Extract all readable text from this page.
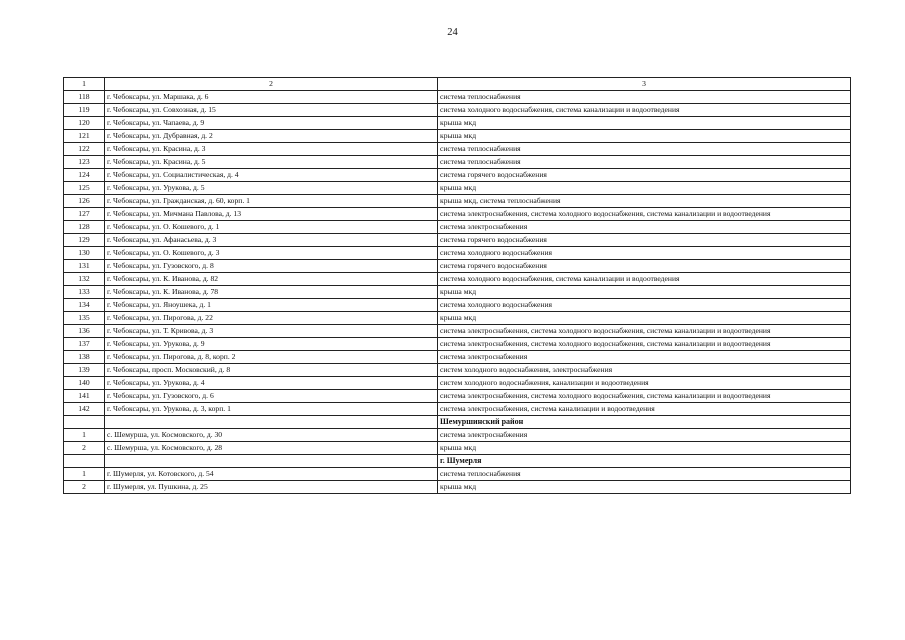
24
1	2	3
118	г. Чебоксары, ул. Маршака, д. 6	система теплоснабжения
119	г. Чебоксары, ул. Совхозная, д. 15	система холодного водоснабжения, система канализации и водоотведения
120	г. Чебоксары, ул. Чапаева, д. 9	крыша мкд
121	г. Чебоксары, ул. Дубравная, д. 2	крыша мкд
122	г. Чебоксары, ул. Красина, д. 3	система теплоснабжения
123	г. Чебоксары, ул. Красина, д. 5	система теплоснабжения
124	г. Чебоксары, ул. Социалистическая, д. 4	система горячего водоснабжения
125	г. Чебоксары, ул. Урукова, д. 5	крыша мкд
126	г. Чебоксары, ул. Гражданская, д. 60, корп. 1	крыша мкд, система теплоснабжения
127	г. Чебоксары, ул. Мичмана Павлова, д. 13	система электроснабжения, система холодного водоснабжения, система канализации и водоотведения
128	г. Чебоксары, ул. О. Кошевого, д. 1	система электроснабжения
129	г. Чебоксары, ул. Афанасьева, д. 3	система горячего водоснабжения
130	г. Чебоксары, ул. О. Кошевого, д. 3	система холодного водоснабжения
131	г. Чебоксары, ул. Гузовского, д. 8	система горячего водоснабжения
132	г. Чебоксары, ул. К. Иванова, д. 82	система холодного водоснабжения, система канализации и водоотведения
133	г. Чебоксары, ул. К. Иванова, д. 78	крыша мкд
134	г. Чебоксары, ул. Яноушека, д. 1	система холодного водоснабжения
135	г. Чебоксары, ул. Пирогова, д. 22	крыша мкд
136	г. Чебоксары, ул. Т. Кривова, д. 3	система электроснабжения, система холодного водоснабжения, система канализации и водоотведения
137	г. Чебоксары, ул. Урукова, д. 9	система электроснабжения, система холодного водоснабжения, система канализации и водоотведения
138	г. Чебоксары, ул. Пирогова, д. 8, корп. 2	система электроснабжения
139	г. Чебоксары, просп. Московский, д. 8	систем холодного водоснабжения, электроснабжения
140	г. Чебоксары, ул. Урукова, д. 4	систем холодного водоснабжения, канализации и водоотведения
141	г. Чебоксары, ул. Гузовского, д. 6	система электроснабжения, система холодного водоснабжения, система канализации и водоотведения
142	г. Чебоксары, ул. Урукова, д. 3, корп. 1	система электроснабжения, система канализации и водоотведения
		Шемуршинский район
1	с. Шемурша, ул. Космовского, д. 30	система электроснабжения
2	с. Шемурша, ул. Космовского, д. 28	крыша мкд
		г. Шумерля
1	г. Шумерля, ул. Котовского, д. 54	система теплоснабжения
2	г. Шумерля, ул. Пушкина, д. 25	крыша мкд
